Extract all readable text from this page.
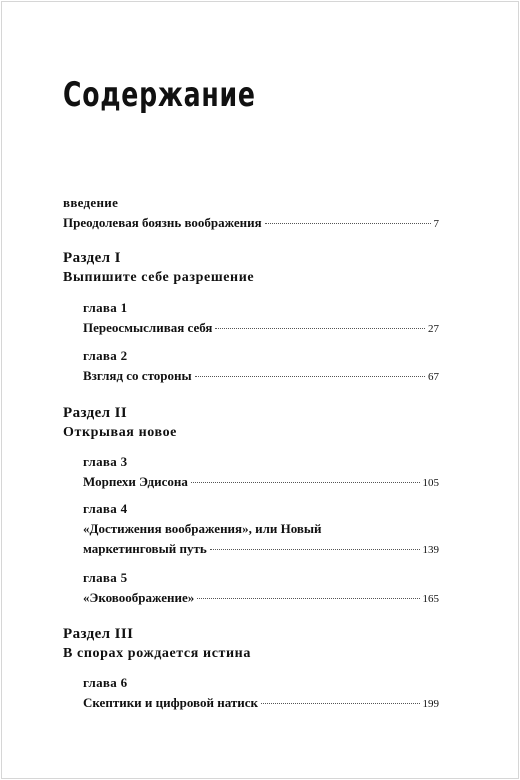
Содержание
введение
Преодолевая боязнь воображения	7
Раздел I
Выпишите себе разрешение
глава 1
Переосмысливая себя	27
глава 2
Взгляд со стороны	67
Раздел II
Открывая новое
глава 3
Морпехи Эдисона	105
глава 4
«Достижения воображения», или Новый
маркетинговый путь	139
глава 5
«Эковоображение»	165
Раздел III
В спорах рождается истина
глава 6
Скептики и цифровой натиск	199
